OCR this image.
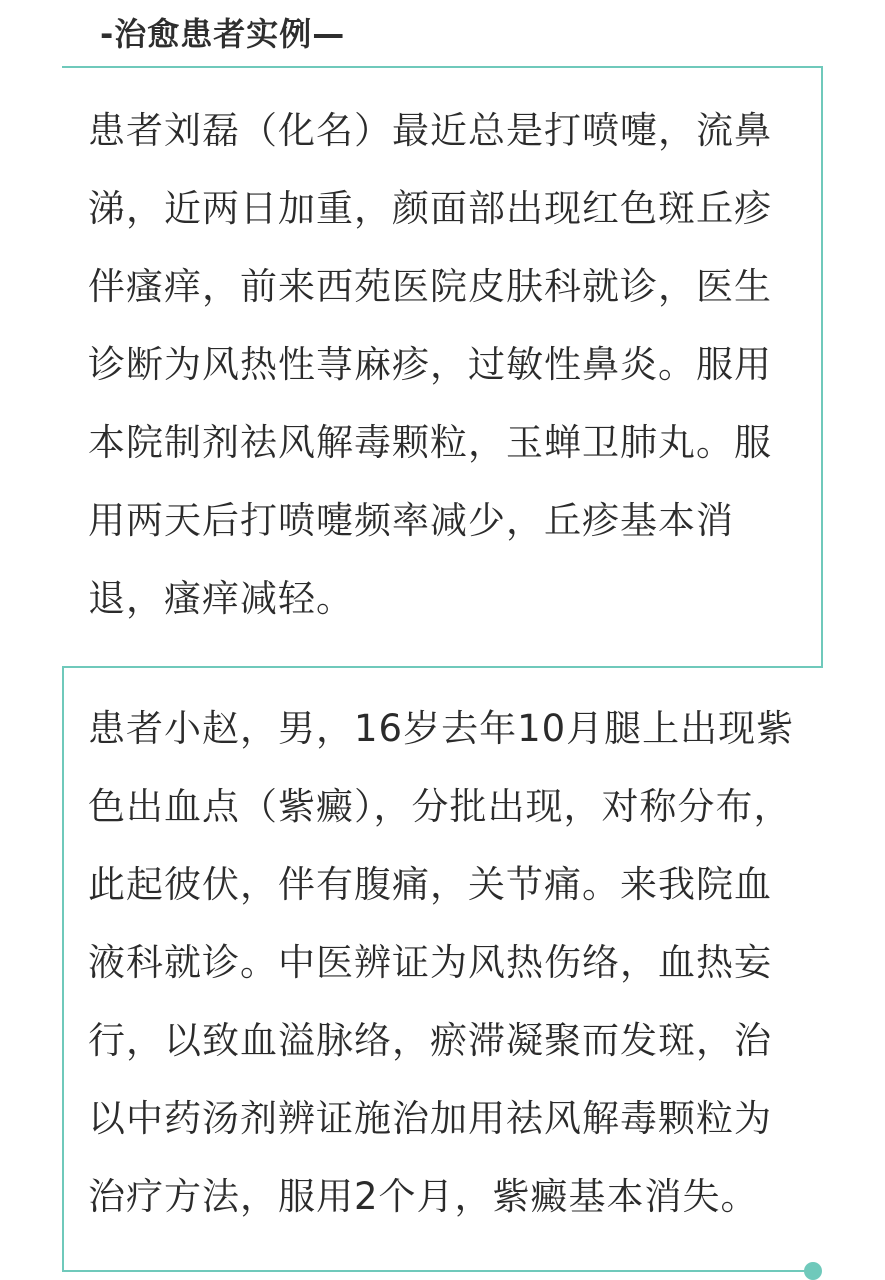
-治愈患者实例—
患者刘磊（化名）最近总是打喷嚏，流鼻涕，近两日加重，颜面部出现红色斑丘疹伴瘙痒，前来西苑医院皮肤科就诊，医生诊断为风热性荨麻疹，过敏性鼻炎。服用本院制剂祛风解毒颗粒，玉蝉卫肺丸。服用两天后打喷嚏频率减少，丘疹基本消退，瘙痒减轻。
患者小赵，男，16岁去年10月腿上出现紫色出血点（紫癜），分批出现，对称分布，此起彼伏，伴有腹痛，关节痛。来我院血液科就诊。中医辨证为风热伤络，血热妄行，以致血溢脉络，瘀滞凝聚而发斑，治以中药汤剂辨证施治加用祛风解毒颗粒为治疗方法，服用2个月，紫癜基本消失。
